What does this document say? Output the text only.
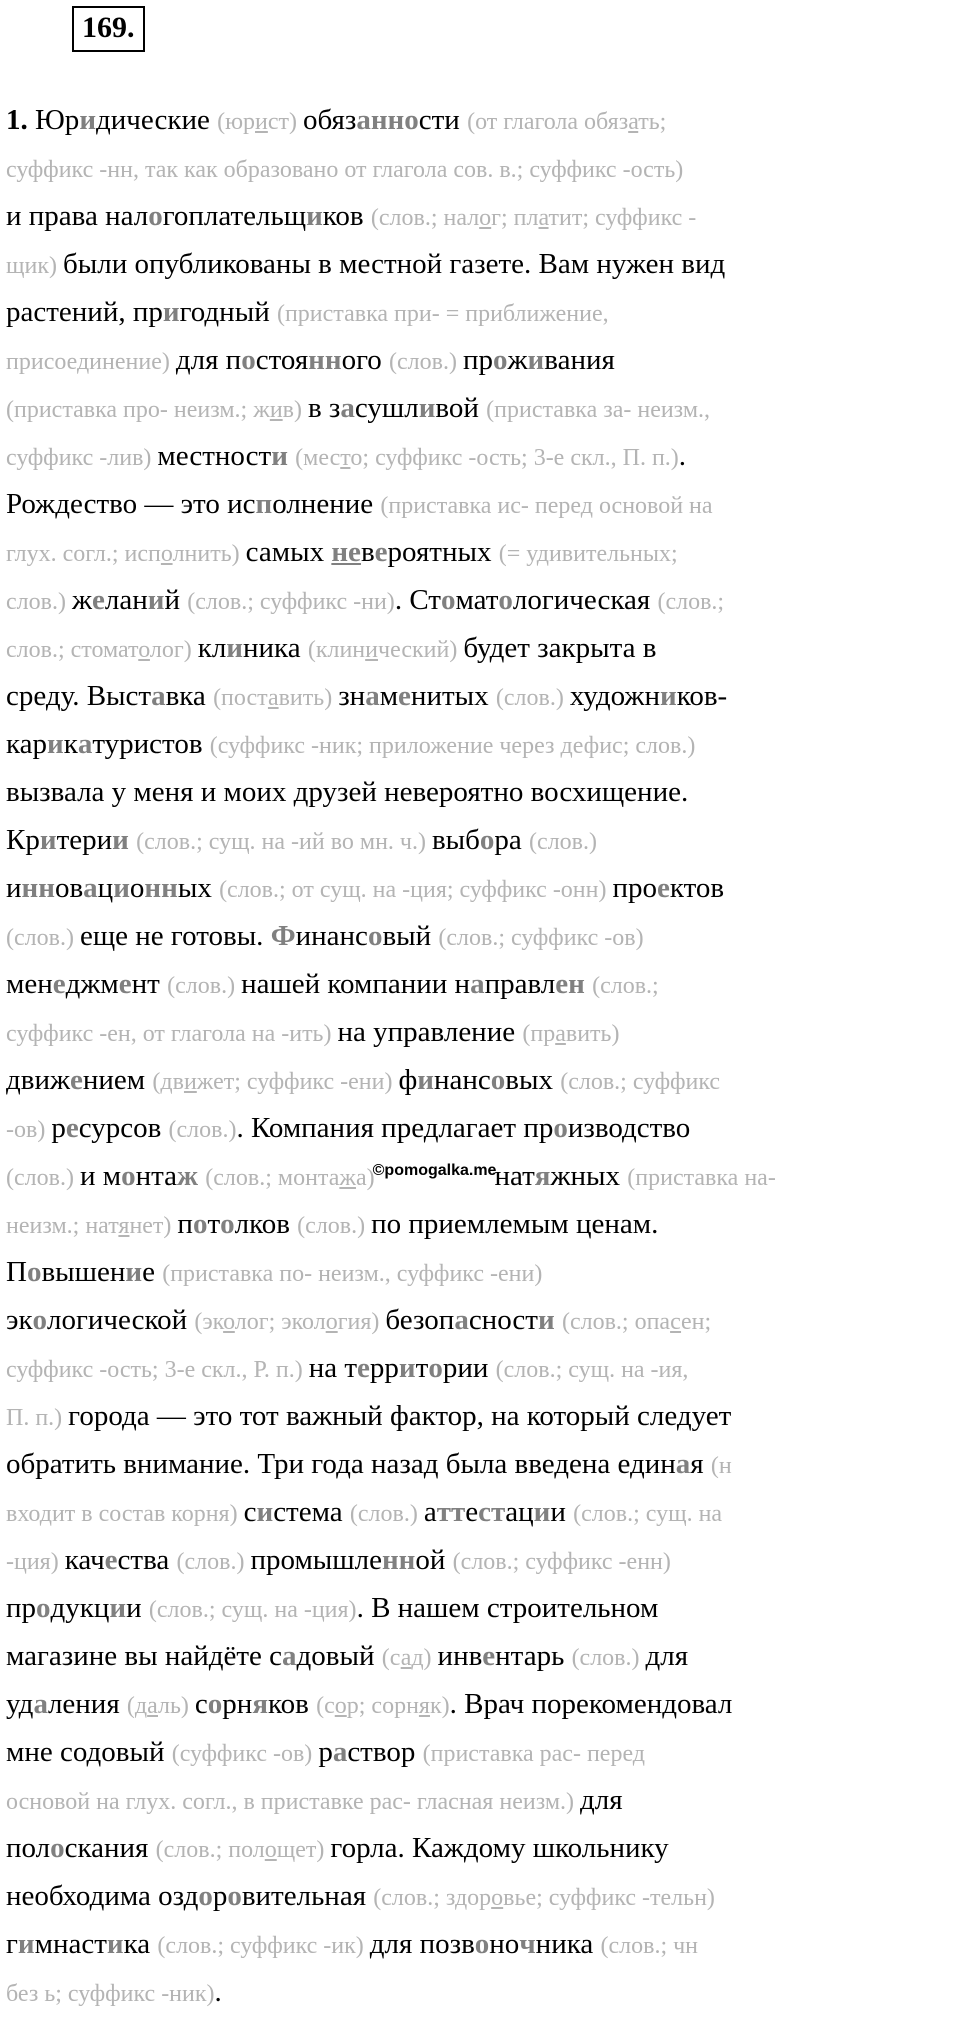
169.
1. Юридические (юрист) обязанности (от глагола обязать;
суффикс -нн, так как образовано от глагола сов. в.; суффикс -ость)
и права налогоплательщиков (слов.; налог; платит; суффикс -
щик) были опубликованы в местной газете. Вам нужен вид
растений, пригодный (приставка при- = приближение,
присоединение) для постоянного (слов.) проживания
(приставка про- неизм.; жив) в засушливой (приставка за- неизм.,
суффикс -лив) местности (место; суффикс -ость; 3-е скл., П. п.).
Рождество — это исполнение (приставка ис- перед основой на
глух. согл.; исполнить) самых невероятных (= удивительных;
слов.) желаний (слов.; суффикс -ни). Стоматологическая (слов.;
слов.; стоматолог) клиника (клинический) будет закрыта в
среду. Выставка (поставить) знаменитых (слов.) художников-
карикатуристов (суффикс -ник; приложение через дефис; слов.)
вызвала у меня и моих друзей невероятно восхищение.
Критерии (слов.; сущ. на -ий во мн. ч.) выбора (слов.)
инновационных (слов.; от сущ. на -ция; суффикс -онн) проектов
(слов.) еще не готовы. Финансовый (слов.; суффикс -ов)
менеджмент (слов.) нашей компании направлен (слов.;
суффикс -ен, от глагола на -ить) на управление (править)
движением (движет; суффикс -ени) финансовых (слов.; суффикс
-ов) ресурсов (слов.). Компания предлагает производство
(слов.) и монтаж (слов.; монтажа)©pomogalka.meнатяжных (приставка на-
неизм.; натянет) потолков (слов.) по приемлемым ценам.
Повышение (приставка по- неизм., суффикс -ени)
экологической (эколог; экология) безопасности (слов.; опасен;
суффикс -ость; 3-е скл., Р. п.) на территории (слов.; сущ. на -ия,
П. п.) города — это тот важный фактор, на который следует
обратить внимание. Три года назад была введена единая (н
входит в состав корня) система (слов.) аттестации (слов.; сущ. на
-ция) качества (слов.) промышленной (слов.; суффикс -енн)
продукции (слов.; сущ. на -ция). В нашем строительном
магазине вы найдёте садовый (сад) инвентарь (слов.) для
удаления (даль) сорняков (сор; сорняк). Врач порекомендовал
мне содовый (суффикс -ов) раствор (приставка рас- перед
основой на глух. согл., в приставке рас- гласная неизм.) для
полоскания (слов.; полощет) горла. Каждому школьнику
необходима оздоровительная (слов.; здоровье; суффикс -тельн)
гимнастика (слов.; суффикс -ик) для позвоночника (слов.; чн
без ь; суффикс -ник).
